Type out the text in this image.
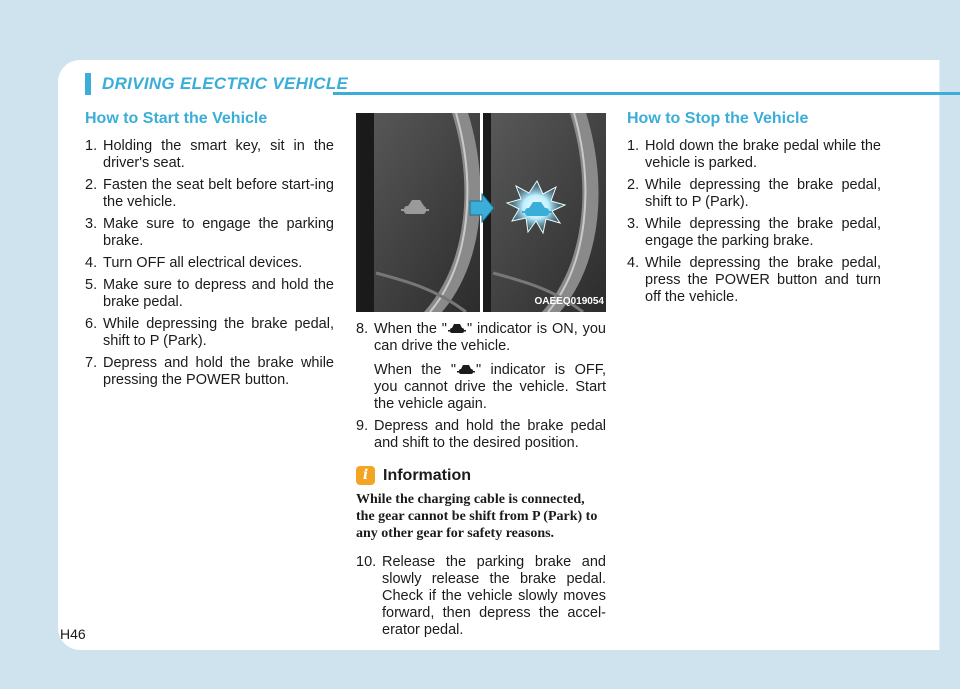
DRIVING ELECTRIC VEHICLE
How to Start the Vehicle
1. Holding the smart key, sit in the driver's seat.
2. Fasten the seat belt before start-ing the vehicle.
3. Make sure to engage the parking brake.
4. Turn OFF all electrical devices.
5. Make sure to depress and hold the brake pedal.
6. While depressing the brake pedal, shift to P (Park).
7. Depress and hold the brake while pressing the POWER button.
OAEEQ019054
8. When the " " indicator is ON, you can drive the vehicle.
When the " " indicator is OFF, you cannot drive the vehicle. Start the vehicle again.
9. Depress and hold the brake pedal and shift to the desired position.
i Information

While the charging cable is connected, the gear cannot be shift from P (Park) to any other gear for safety reasons.

10. Release the parking brake and slowly release the brake pedal. Check if the vehicle slowly moves forward, then depress the accel-erator pedal.
How to Stop the Vehicle
1. Hold down the brake pedal while the vehicle is parked.
2. While depressing the brake pedal, shift to P (Park).
3. While depressing the brake pedal, engage the parking brake.
4. While depressing the brake pedal, press the POWER button and turn off the vehicle.
H46
